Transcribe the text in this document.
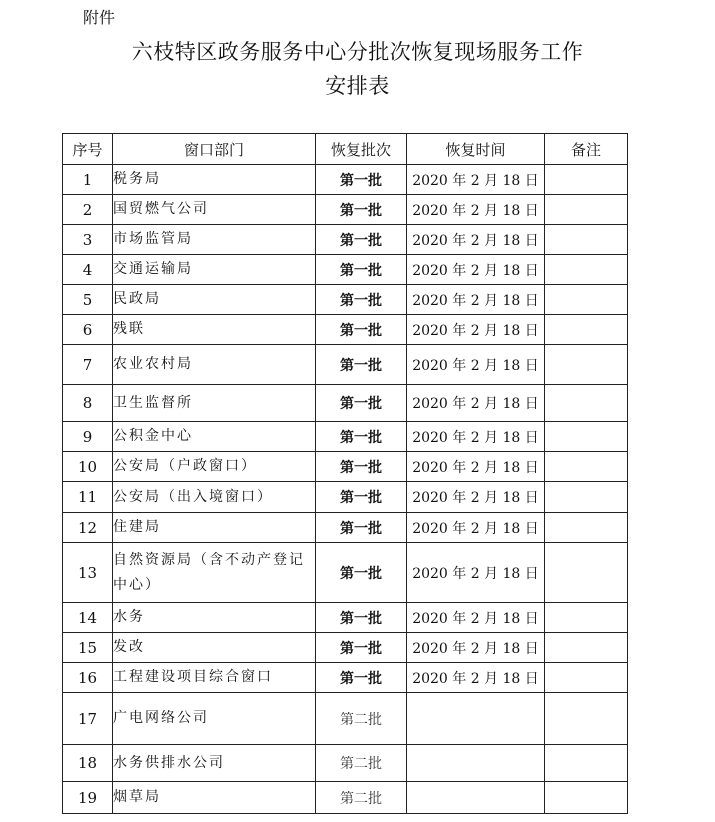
附件
六枝特区政务服务中心分批次恢复现场服务工作
安排表
序号	窗口部门	恢复批次	恢复时间	备注
1	税务局	第一批	2020 年 2 月 18 日	
2	国贸燃气公司	第一批	2020 年 2 月 18 日	
3	市场监管局	第一批	2020 年 2 月 18 日	
4	交通运输局	第一批	2020 年 2 月 18 日	
5	民政局	第一批	2020 年 2 月 18 日	
6	残联	第一批	2020 年 2 月 18 日	
7	农业农村局	第一批	2020 年 2 月 18 日	
8	卫生监督所	第一批	2020 年 2 月 18 日	
9	公积金中心	第一批	2020 年 2 月 18 日	
10	公安局（户政窗口）	第一批	2020 年 2 月 18 日	
11	公安局（出入境窗口）	第一批	2020 年 2 月 18 日	
12	住建局	第一批	2020 年 2 月 18 日	
13	自然资源局（含不动产登记中心）	第一批	2020 年 2 月 18 日	
14	水务	第一批	2020 年 2 月 18 日	
15	发改	第一批	2020 年 2 月 18 日	
16	工程建设项目综合窗口	第一批	2020 年 2 月 18 日	
17	广电网络公司	第二批		
18	水务供排水公司	第二批		
19	烟草局	第二批		
